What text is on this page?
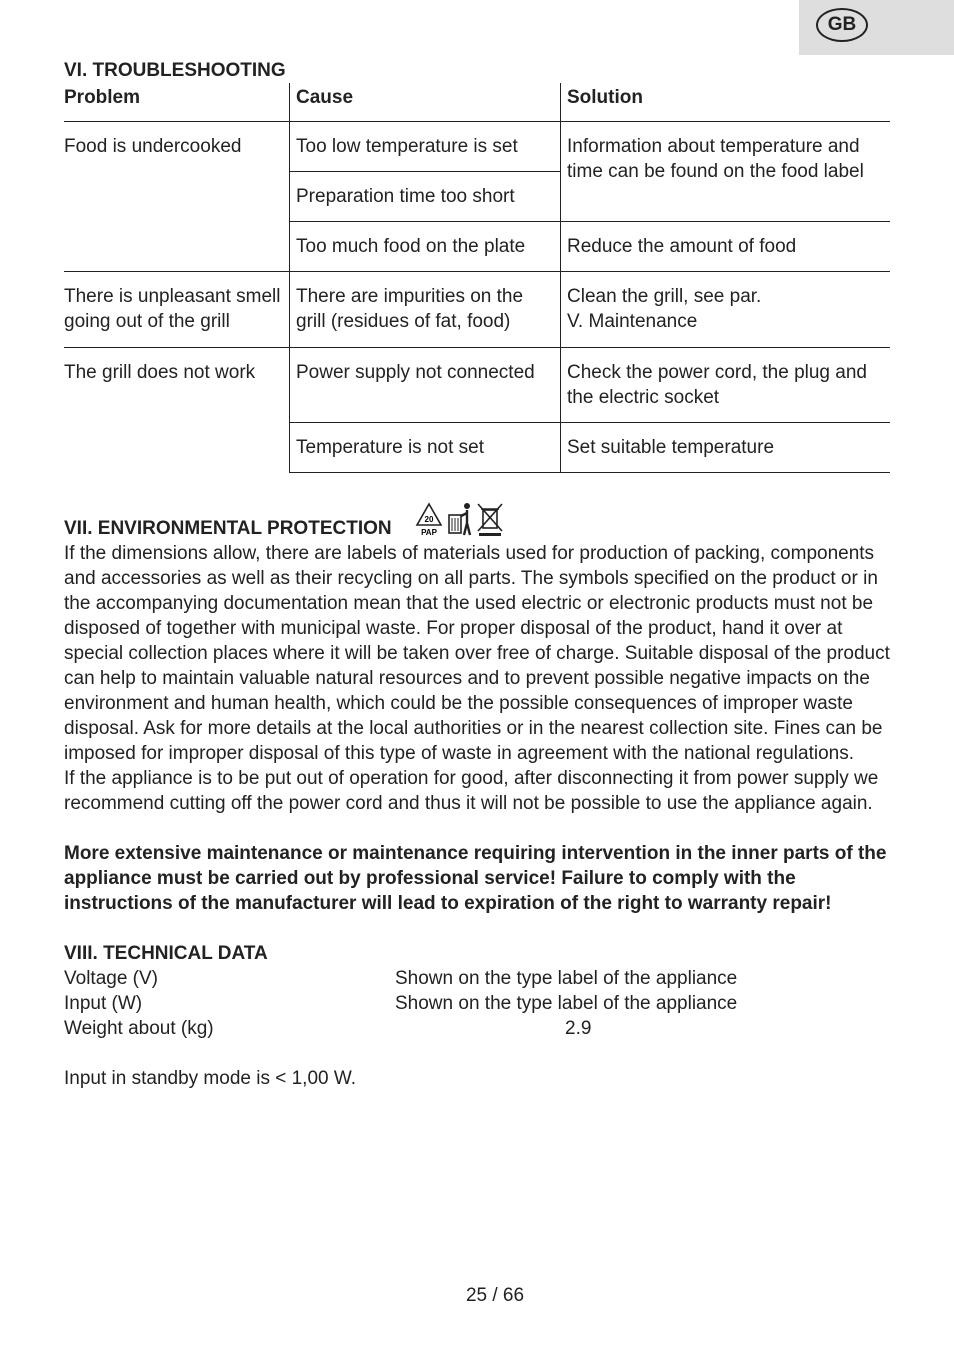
GB
VI. TROUBLESHOOTING
Problem	Cause	Solution
Food is undercooked	Too low temperature is set	Information about temperature and time can be found on the food label
	Preparation time too short	
	Too much food on the plate	Reduce the amount of food
There is unpleasant smell going out of the grill	There are impurities on the grill (residues of fat, food)	Clean the grill, see par.
V. Maintenance

The grill does not work	Power supply not connected	Check the power cord, the plug and the electric socket
	Temperature is not set	Set suitable temperature
VII. ENVIRONMENTAL PROTECTION	20
PAP

If the dimensions allow, there are labels of materials used for production of packing, components and accessories as well as their recycling on all parts. The symbols specified on the product or in the accompanying documentation mean that the used electric or electronic products must not be disposed of together with municipal waste. For proper disposal of the product, hand it over at special collection places where it will be taken over free of charge. Suitable disposal of the product can help to maintain valuable natural resources and to prevent possible negative impacts on the environment and human health, which could be the possible consequences of improper waste disposal. Ask for more details at the local authorities or in the nearest collection site. Fines can be imposed for improper disposal of this type of waste in agreement with the national regulations.

If the appliance is to be put out of operation for good, after disconnecting it from power supply we recommend cutting off the power cord and thus it will not be possible to use the appliance again.

More extensive maintenance or maintenance requiring intervention in the inner parts of the appliance must be carried out by professional service! Failure to comply with the instructions of the manufacturer will lead to expiration of the right to warranty repair!

VIII. TECHNICAL DATA
Voltage (V)	Shown on the type label of the appliance
Input (W)	Shown on the type label of the appliance
Weight about (kg)	2.9

Input in standby mode is < 1,00 W.

25 / 66
